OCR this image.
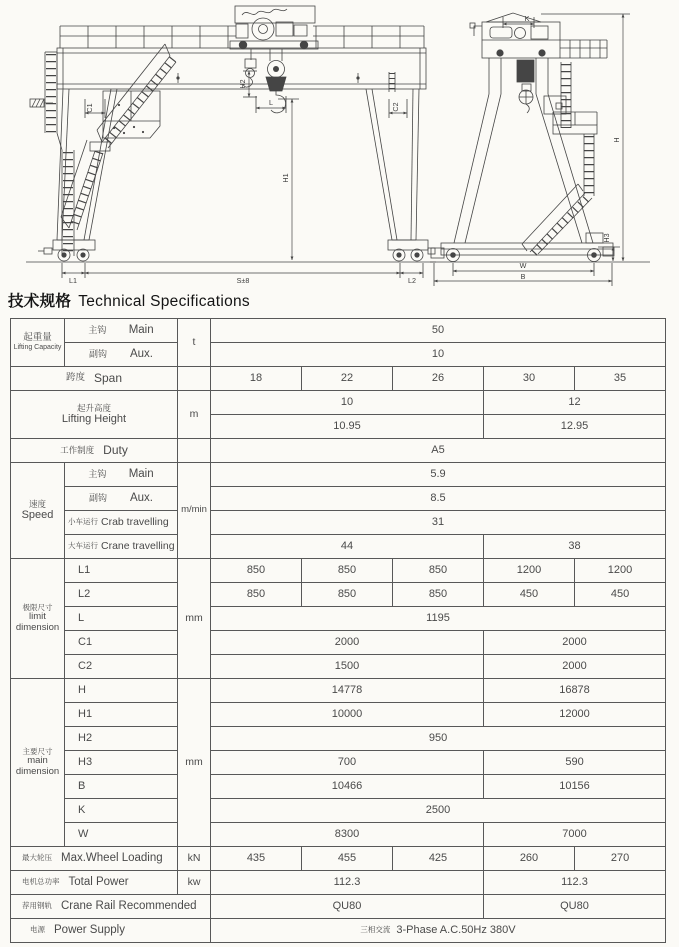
C1	C2
H2
L
H1
L1	S±8	L2
K
H
H3
W
B
技术规格 Technical Specifications
起重量
Lifting Capacity	主钩 Main	t	50				

	副钩 Aux.		10				

跨度 Span			18	22	26	30	35

起升高度
Lifting Height		m	10			12	
			10.95			12.95	

工作制度 Duty			A5				

速度
Speed	主钩 Main	m/min	5.9				

	副钩 Aux.		8.5				

	小车运行 Crab travelling		31				

	大车运行 Crane travelling		44			38	

极限尺寸
limit
dimension	L1	mm	850	850	850	1200	1200
	L2		850	850	850	450	450
	L		1195				
	C1		2000			2000	
	C2		1500			2000	

主要尺寸
main
dimension	H	mm	14778			16878	
	H1		10000			12000	
	H2		950				
	H3		700			590	
	B		10466			10156	
	K		2500				
	W		8300			7000	

最大轮压 Max.Wheel Loading		kN	435	455	425	260	270

电机总功率 Total Power		kw	112.3			112.3	

荐用钢轨 Crane Rail Recommended			QU80			QU80	

电源 Power Supply			三相交流 3-Phase A.C.50Hz 380V				
